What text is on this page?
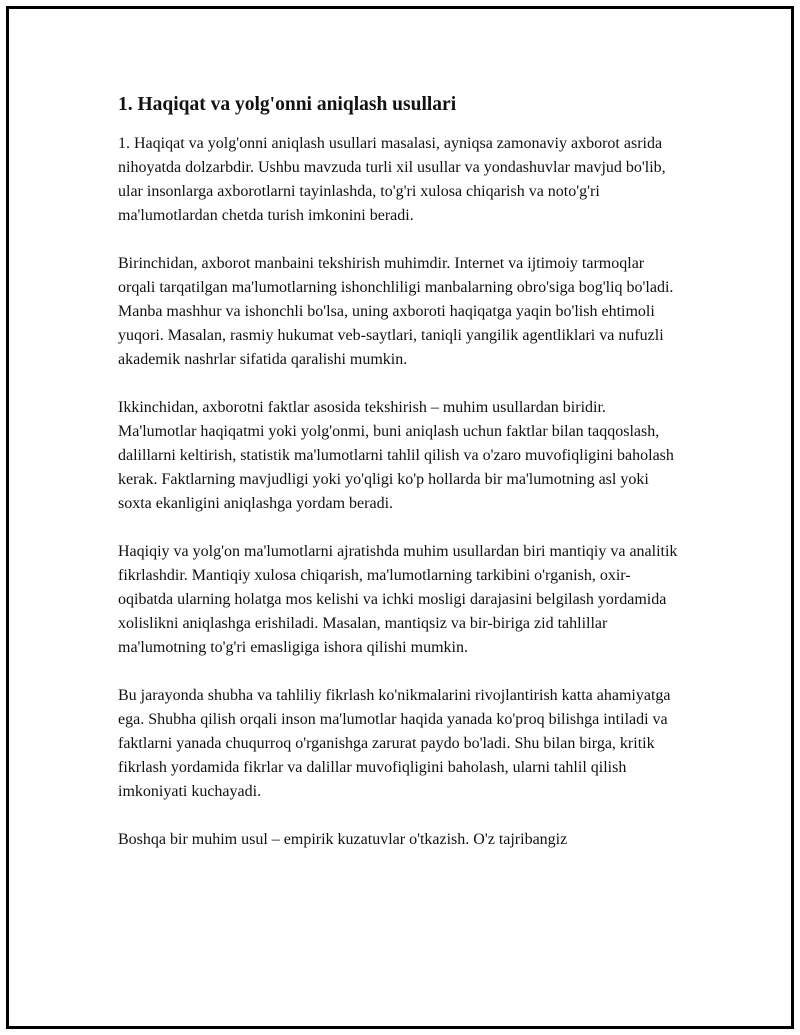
1. Haqiqat va yolg'onni aniqlash usullari

1. Haqiqat va yolg'onni aniqlash usullari masalasi, ayniqsa zamonaviy axborot asrida nihoyatda dolzarbdir. Ushbu mavzuda turli xil usullar va yondashuvlar mavjud bo'lib, ular insonlarga axborotlarni tayinlashda, to'g'ri xulosa chiqarish va noto'g'ri ma'lumotlardan chetda turish imkonini beradi.

Birinchidan, axborot manbaini tekshirish muhimdir. Internet va ijtimoiy tarmoqlar orqali tarqatilgan ma'lumotlarning ishonchliligi manbalarning obro'siga bog'liq bo'ladi. Manba mashhur va ishonchli bo'lsa, uning axboroti haqiqatga yaqin bo'lish ehtimoli yuqori. Masalan, rasmiy hukumat veb-saytlari, taniqli yangilik agentliklari va nufuzli akademik nashrlar sifatida qaralishi mumkin.

Ikkinchidan, axborotni faktlar asosida tekshirish – muhim usullardan biridir. Ma'lumotlar haqiqatmi yoki yolg'onmi, buni aniqlash uchun faktlar bilan taqqoslash, dalillarni keltirish, statistik ma'lumotlarni tahlil qilish va o'zaro muvofiqligini baholash kerak. Faktlarning mavjudligi yoki yo'qligi ko'p hollarda bir ma'lumotning asl yoki soxta ekanligini aniqlashga yordam beradi.

Haqiqiy va yolg'on ma'lumotlarni ajratishda muhim usullardan biri mantiqiy va analitik fikrlashdir. Mantiqiy xulosa chiqarish, ma'lumotlarning tarkibini o'rganish, oxir-oqibatda ularning holatga mos kelishi va ichki mosligi darajasini belgilash yordamida xolislikni aniqlashga erishiladi. Masalan, mantiqsiz va bir-biriga zid tahlillar ma'lumotning to'g'ri emasligiga ishora qilishi mumkin.

Bu jarayonda shubha va tahliliy fikrlash ko'nikmalarini rivojlantirish katta ahamiyatga ega. Shubha qilish orqali inson ma'lumotlar haqida yanada ko'proq bilishga intiladi va faktlarni yanada chuqurroq o'rganishga zarurat paydo bo'ladi. Shu bilan birga, kritik fikrlash yordamida fikrlar va dalillar muvofiqligini baholash, ularni tahlil qilish imkoniyati kuchayadi.

Boshqa bir muhim usul – empirik kuzatuvlar o'tkazish. O'z tajribangiz
